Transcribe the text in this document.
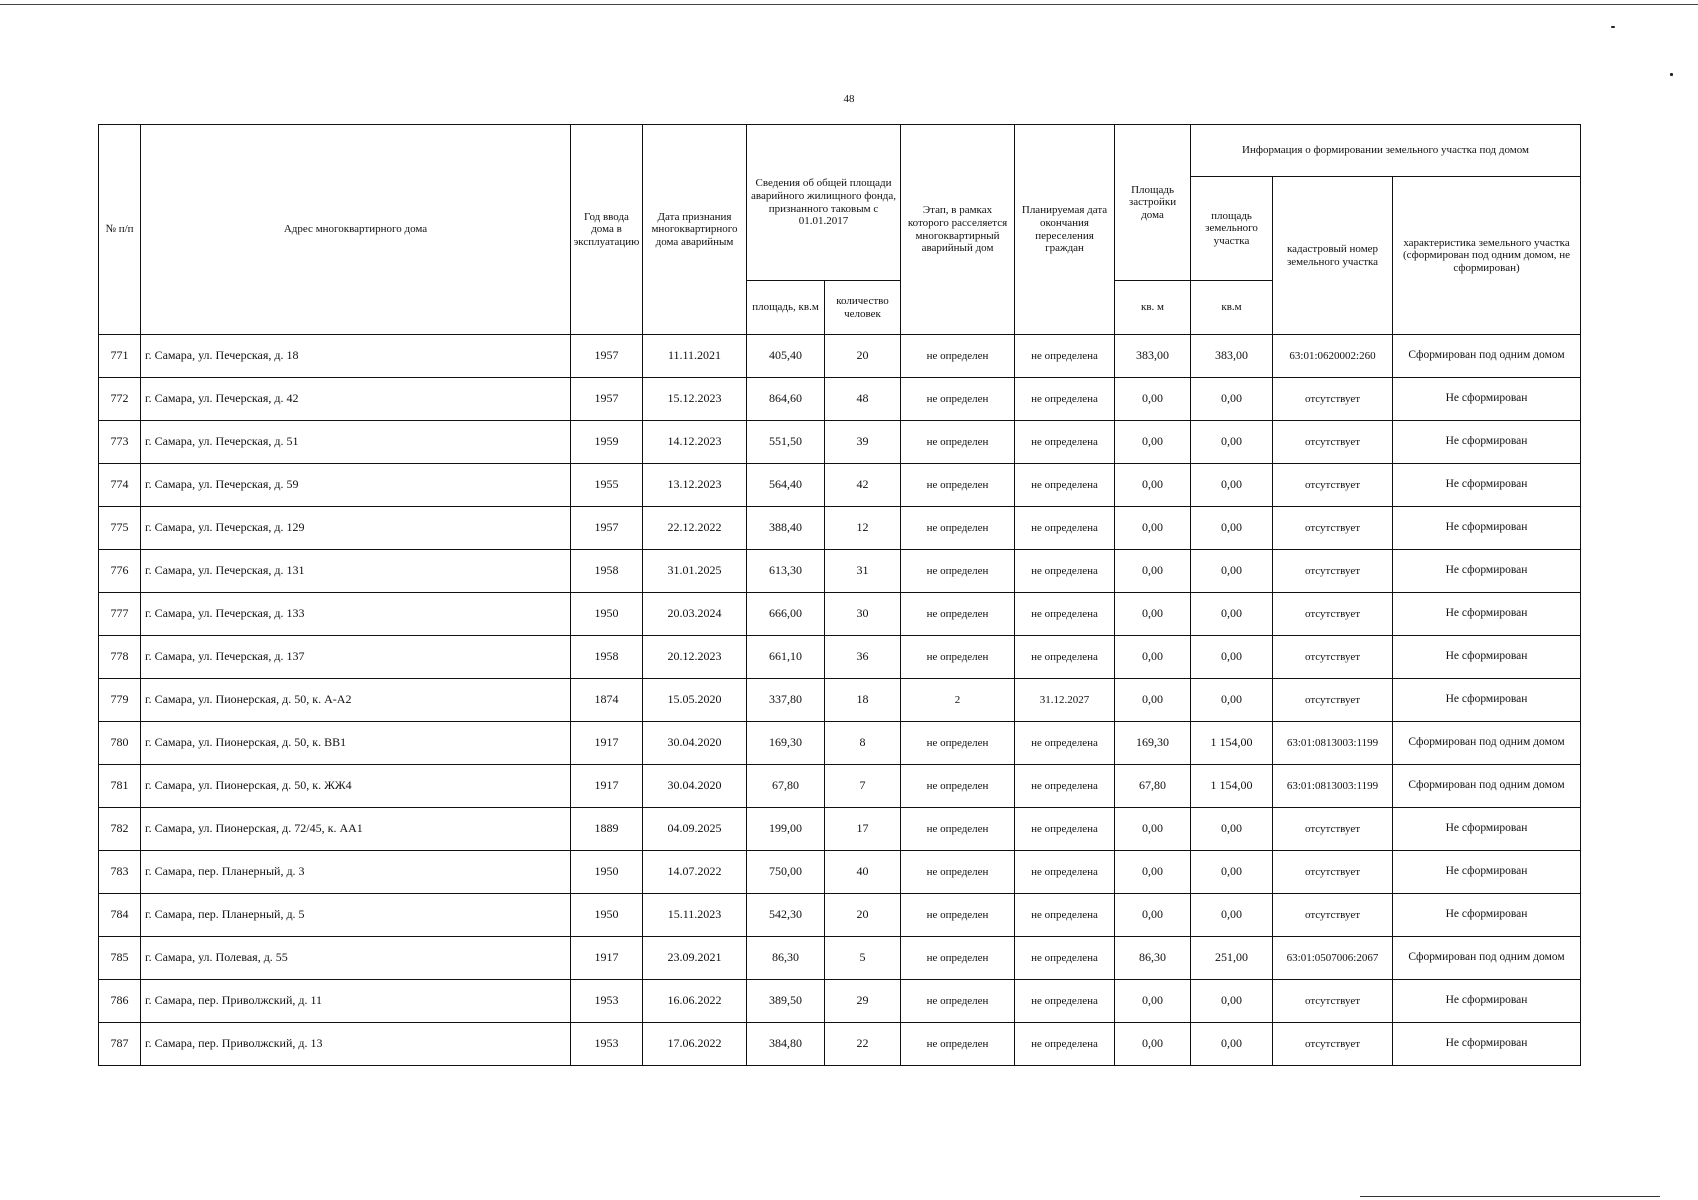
48
№ п/п	Адрес многоквартирного дома	Год ввода дома в эксплуатацию	Дата признания многоквартирного дома аварийным	Сведения об общей площади аварийного жилищного фонда, признанного таковым с 01.01.2017		Этап, в рамках которого расселяется многоквартирный аварийный дом	Планируемая дата окончания переселения граждан	Площадь застройки дома	Информация о формировании земельного участка под домом		
									площадь земельного участка	кадастровый номер земельного участка	характеристика земельного участка (сформирован под одним домом, не сформирован)
				площадь, кв.м	количество человек			кв. м	кв.м		
771	г. Самара, ул. Печерская, д. 18	1957	11.11.2021	405,40	20	не определен	не определена	383,00	383,00	63:01:0620002:260	Сформирован под одним домом
772	г. Самара, ул. Печерская, д. 42	1957	15.12.2023	864,60	48	не определен	не определена	0,00	0,00	отсутствует	Не сформирован
773	г. Самара, ул. Печерская, д. 51	1959	14.12.2023	551,50	39	не определен	не определена	0,00	0,00	отсутствует	Не сформирован
774	г. Самара, ул. Печерская, д. 59	1955	13.12.2023	564,40	42	не определен	не определена	0,00	0,00	отсутствует	Не сформирован
775	г. Самара, ул. Печерская, д. 129	1957	22.12.2022	388,40	12	не определен	не определена	0,00	0,00	отсутствует	Не сформирован
776	г. Самара, ул. Печерская, д. 131	1958	31.01.2025	613,30	31	не определен	не определена	0,00	0,00	отсутствует	Не сформирован
777	г. Самара, ул. Печерская, д. 133	1950	20.03.2024	666,00	30	не определен	не определена	0,00	0,00	отсутствует	Не сформирован
778	г. Самара, ул. Печерская, д. 137	1958	20.12.2023	661,10	36	не определен	не определена	0,00	0,00	отсутствует	Не сформирован
779	г. Самара, ул. Пионерская, д. 50, к. А-А2	1874	15.05.2020	337,80	18	2	31.12.2027	0,00	0,00	отсутствует	Не сформирован
780	г. Самара, ул. Пионерская, д. 50, к. ВВ1	1917	30.04.2020	169,30	8	не определен	не определена	169,30	1 154,00	63:01:0813003:1199	Сформирован под одним домом
781	г. Самара, ул. Пионерская, д. 50, к. ЖЖ4	1917	30.04.2020	67,80	7	не определен	не определена	67,80	1 154,00	63:01:0813003:1199	Сформирован под одним домом
782	г. Самара, ул. Пионерская, д. 72/45, к. АА1	1889	04.09.2025	199,00	17	не определен	не определена	0,00	0,00	отсутствует	Не сформирован
783	г. Самара, пер. Планерный, д. 3	1950	14.07.2022	750,00	40	не определен	не определена	0,00	0,00	отсутствует	Не сформирован
784	г. Самара, пер. Планерный, д. 5	1950	15.11.2023	542,30	20	не определен	не определена	0,00	0,00	отсутствует	Не сформирован
785	г. Самара, ул. Полевая, д. 55	1917	23.09.2021	86,30	5	не определен	не определена	86,30	251,00	63:01:0507006:2067	Сформирован под одним домом
786	г. Самара, пер. Приволжский, д. 11	1953	16.06.2022	389,50	29	не определен	не определена	0,00	0,00	отсутствует	Не сформирован
787	г. Самара, пер. Приволжский, д. 13	1953	17.06.2022	384,80	22	не определен	не определена	0,00	0,00	отсутствует	Не сформирован
